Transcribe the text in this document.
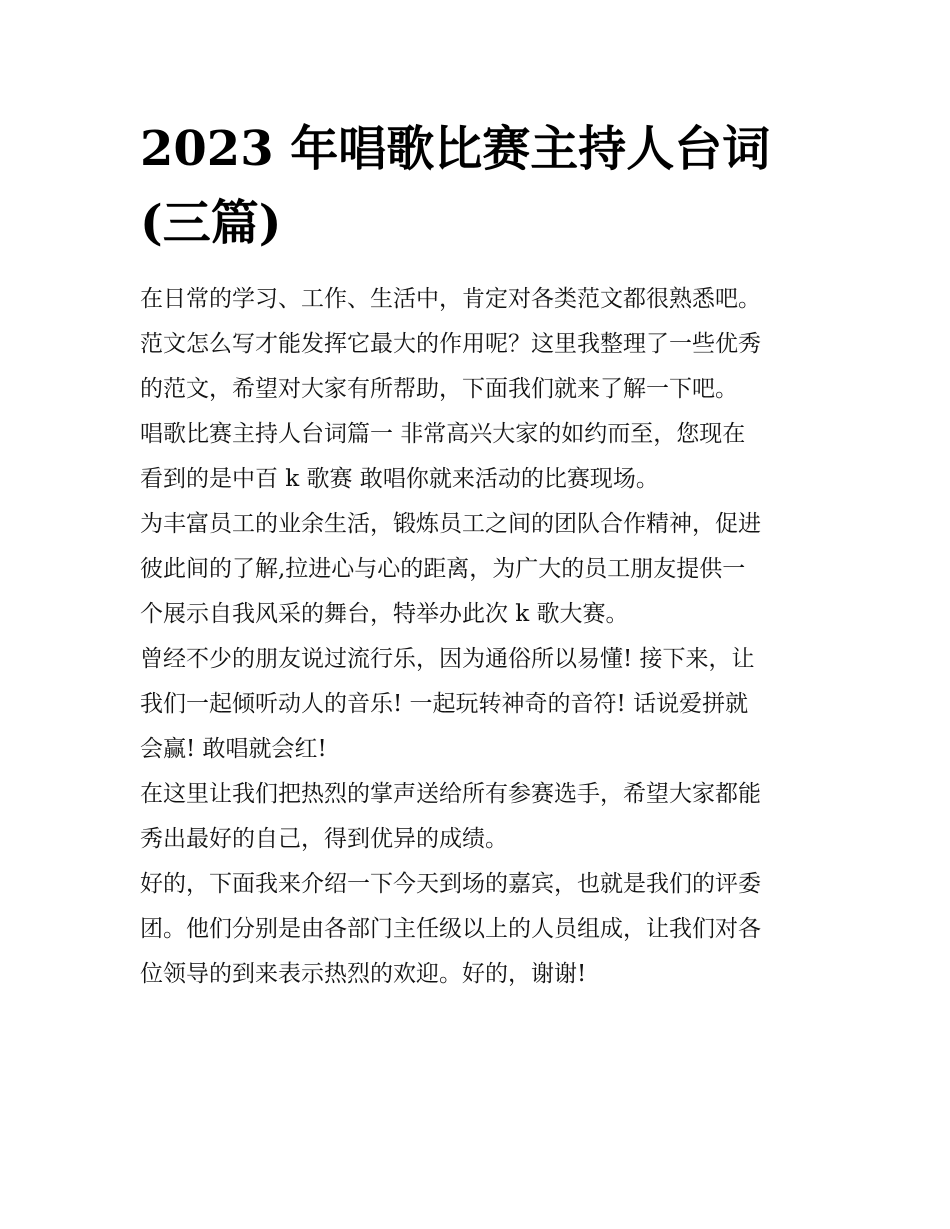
2023 年唱歌比赛主持人台词
(三篇)

在日常的学习、工作、生活中，肯定对各类范文都很熟悉吧。

范文怎么写才能发挥它最大的作用呢？这里我整理了一些优秀

的范文，希望对大家有所帮助，下面我们就来了解一下吧。

唱歌比赛主持人台词篇一 非常高兴大家的如约而至，您现在

看到的是中百 k 歌赛 敢唱你就来活动的比赛现场。

为丰富员工的业余生活，锻炼员工之间的团队合作精神，促进

彼此间的了解,拉进心与心的距离，为广大的员工朋友提供一

个展示自我风采的舞台，特举办此次 k 歌大赛。

曾经不少的朋友说过流行乐，因为通俗所以易懂! 接下来，让

我们一起倾听动人的音乐! 一起玩转神奇的音符! 话说爱拼就

会赢! 敢唱就会红!

在这里让我们把热烈的掌声送给所有参赛选手，希望大家都能

秀出最好的自己，得到优异的成绩。

好的，下面我来介绍一下今天到场的嘉宾，也就是我们的评委

团。他们分别是由各部门主任级以上的人员组成，让我们对各

位领导的到来表示热烈的欢迎。好的，谢谢!
